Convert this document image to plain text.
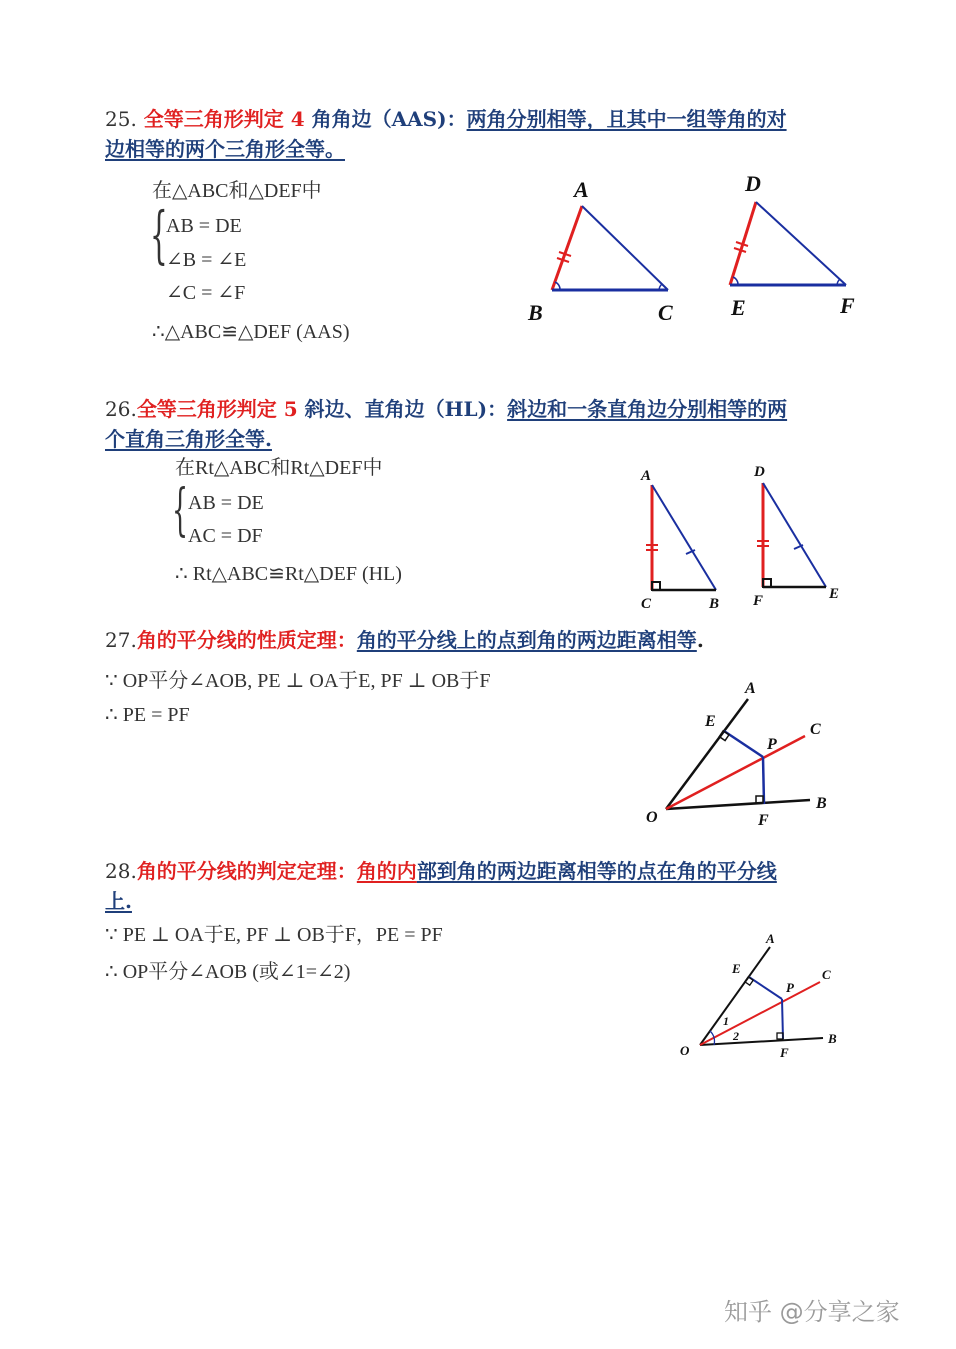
25. 全等三角形判定 4 角角边（AAS)：两角分别相等，且其中一组等角的对
边相等的两个三角形全等。
在△ABC和△DEF中
{
AB = DE
∠B = ∠E
∠C = ∠F
∴△ABC≌△DEF (AAS)
A
B	C
D
E	F
26.全等三角形判定 5 斜边、直角边（HL)：斜边和一条直角边分别相等的两
个直角三角形全等.
在Rt△ABC和Rt△DEF中
{ AB = DE
AC = DF
∴ Rt△ABC≌Rt△DEF (HL)
A
C	B
D
F	E
27.角的平分线的性质定理：角的平分线上的点到角的两边距离相等.
∵ OP平分∠AOB, PE ⊥ OA于E, PF ⊥ OB于F
∴ PE = PF
A
E	C
P
O	F
B
28.角的平分线的判定定理：角的内部到角的两边距离相等的点在角的平分线
上.
∵ PE ⊥ OA于E, PF ⊥ OB于F，PE = PF
∴ OP平分∠AOB (或∠1=∠2)
A
E	C
P
1
2
O	F
B
知乎 @分享之家
